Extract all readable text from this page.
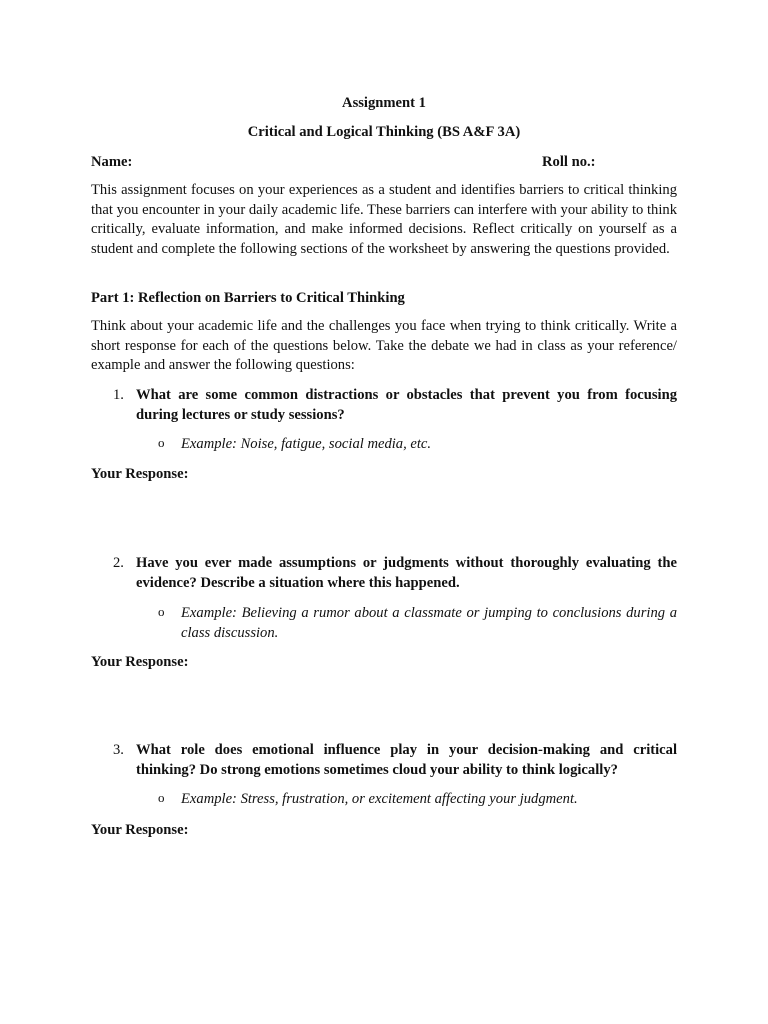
Assignment 1
Critical and Logical Thinking (BS A&F 3A)
Name:	Roll no.:

This assignment focuses on your experiences as a student and identifies barriers to critical thinking that you encounter in your daily academic life. These barriers can interfere with your ability to think critically, evaluate information, and make informed decisions. Reflect critically on yourself as a student and complete the following sections of the worksheet by answering the questions provided.

Part 1: Reflection on Barriers to Critical Thinking

Think about your academic life and the challenges you face when trying to think critically. Write a short response for each of the questions below. Take the debate we had in class as your reference/ example and answer the following questions:

1. What are some common distractions or obstacles that prevent you from focusing during lectures or study sessions?
o Example: Noise, fatigue, social media, etc.
Your Response:
2. Have you ever made assumptions or judgments without thoroughly evaluating the evidence? Describe a situation where this happened.
o Example: Believing a rumor about a classmate or jumping to conclusions during a class discussion.
Your Response:
3. What role does emotional influence play in your decision-making and critical thinking? Do strong emotions sometimes cloud your ability to think logically?
o Example: Stress, frustration, or excitement affecting your judgment.
Your Response:
